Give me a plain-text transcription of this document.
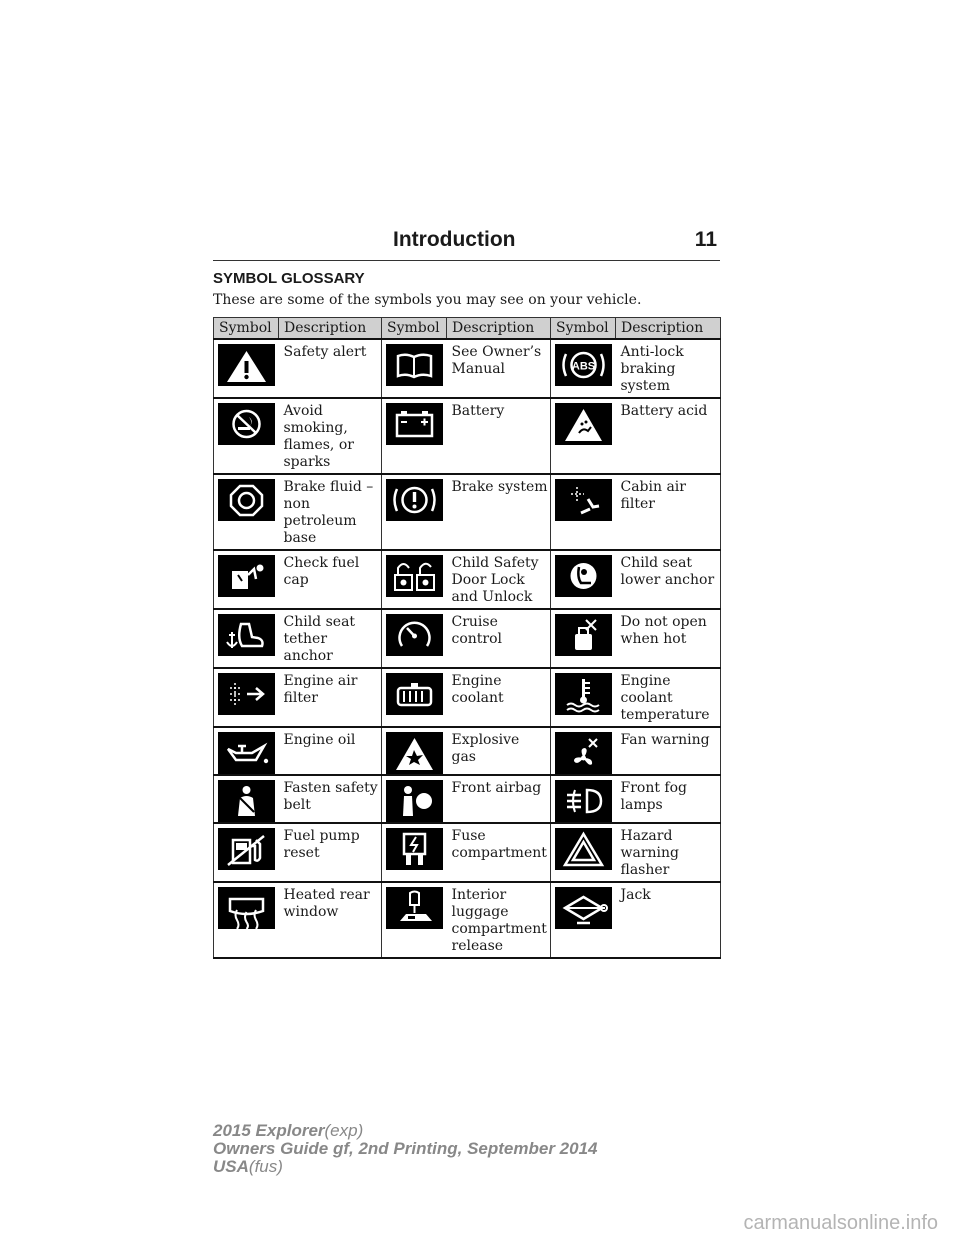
Introduction	11
SYMBOL GLOSSARY
These are some of the symbols you may see on your vehicle.
Symbol	Description	Symbol	Description	Symbol	Description

	Safety alert		See Owner’s Manual	ABS	Anti-lock braking system

	Avoid smoking, flames, or sparks		Battery		Battery acid

	Brake fluid – non petroleum base		Brake system		Cabin air filter

	Check fuel cap		Child Safety Door Lock and Unlock		Child seat lower anchor

	Child seat tether anchor		Cruise control		Do not open when hot

	Engine air filter		Engine coolant		Engine coolant temperature

	Engine oil		Explosive gas		Fan warning

	Fasten safety belt		Front airbag		Front fog lamps

	Fuel pump reset		Fuse compartment		Hazard warning flasher

	Heated rear window		Interior luggage compartment release		Jack
2015 Explorer(exp)
Owners Guide gf, 2nd Printing, September 2014
USA(fus)
carmanualsonline.info
